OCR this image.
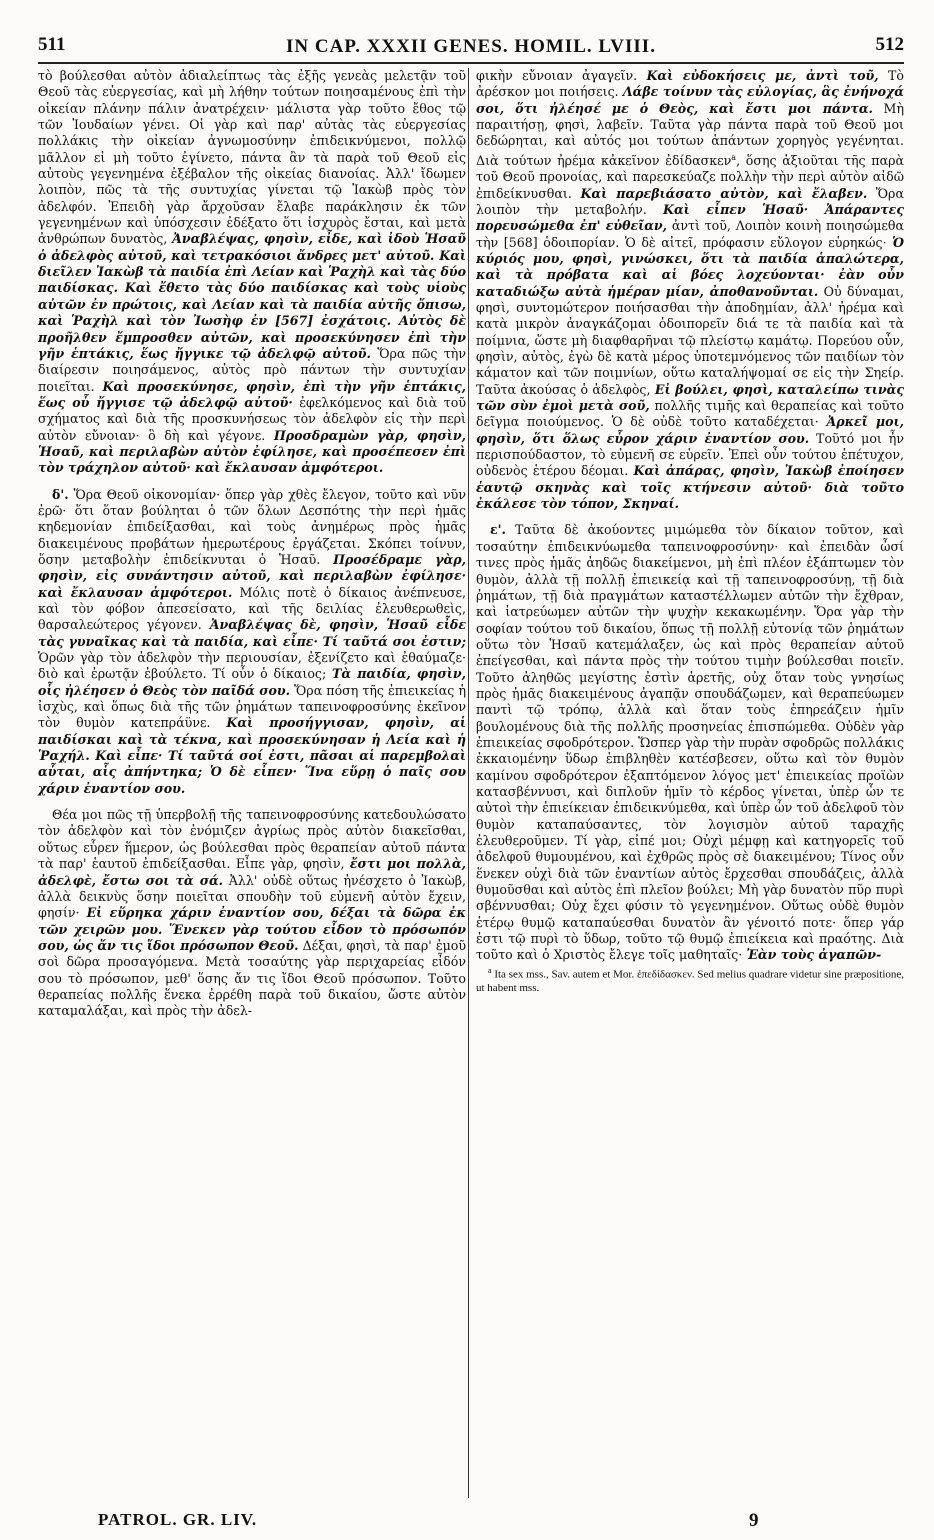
511	IN CAP. XXXII GENES. HOMIL. LVIII.	512

τὸ βούλεσθαι αὐτὸν ἀδιαλείπτως τὰς ἐξῆς γενεὰς μελετᾷν τοῦ Θεοῦ τὰς εὐεργεσίας, καὶ μὴ λήθην τούτων ποιησαμένους ἐπὶ τὴν οἰκείαν πλάνην πάλιν ἀνατρέχειν· μάλιστα γὰρ τοῦτο ἔθος τῷ τῶν Ἰουδαίων γένει. Οἱ γὰρ καὶ παρ' αὐτὰς τὰς εὐεργεσίας πολλάκις τὴν οἰκείαν ἀγνωμοσύνην ἐπιδεικνύμενοι, πολλῷ μᾶλλον εἰ μὴ τοῦτο ἐγίνετο, πάντα ἂν τὰ παρὰ τοῦ Θεοῦ εἰς αὐτοὺς γεγενημένα ἐξέβαλον τῆς οἰκείας διανοίας. Ἀλλ' ἴδωμεν λοιπὸν, πῶς τὰ τῆς συντυχίας γίνεται τῷ Ἰακὼβ πρὸς τὸν ἀδελφόν. Ἐπειδὴ γὰρ ἄρχοῦσαν ἔλαβε παράκλησιν ἐκ τῶν γεγενημένων καὶ ὑπόσχεσιν ἐδέξατο ὅτι ἰσχυρὸς ἔσται, καὶ μετὰ ἀνθρώπων δυνατὸς, Ἀναβλέψας, φησὶν, εἶδε, καὶ ἰδοὺ Ἡσαῦ ὁ ἀδελφὸς αὐτοῦ, καὶ τετρακόσιοι ἄνδρες μετ' αὐτοῦ. Καὶ διεῖλεν Ἰακὼβ τὰ παιδία ἐπὶ Λείαν καὶ Ῥαχὴλ καὶ τὰς δύο παιδίσκας. Καὶ ἔθετο τὰς δύο παιδίσκας καὶ τοὺς υἱοὺς αὐτῶν ἐν πρώτοις, καὶ Λείαν καὶ τὰ παιδία αὐτῆς ὄπισω, καὶ Ῥαχὴλ καὶ τὸν Ἰωσὴφ ἐν [567] ἐσχάτοις. Αὐτὸς δὲ προῆλθεν ἔμπροσθεν αὐτῶν, καὶ προσεκύνησεν ἐπὶ τὴν γῆν ἑπτάκις, ἕως ἤγγικε τῷ ἀδελφῷ αὐτοῦ. Ὅρα πῶς τὴν διαίρεσιν ποιησάμενος, αὐτὸς πρὸ πάντων τὴν συντυχίαν ποιεῖται. Καὶ προσεκύνησε, φησὶν, ἐπὶ τὴν γῆν ἑπτάκις, ἕως οὗ ἤγγισε τῷ ἀδελφῷ αὐτοῦ· ἐφελκόμενος καὶ διὰ τοῦ σχήματος καὶ διὰ τῆς προσκυνήσεως τὸν ἀδελφὸν εἰς τὴν περὶ αὐτὸν εὔνοιαν· ὃ δὴ καὶ γέγονε. Προσδραμὼν γὰρ, φησὶν, Ἡσαῦ, καὶ περιλαβὼν αὐτὸν ἐφίλησε, καὶ προσέπεσεν ἐπὶ τὸν τράχηλον αὐτοῦ· καὶ ἔκλαυσαν ἀμφότεροι.

δ'. Ὅρα Θεοῦ οἰκονομίαν· ὅπερ γὰρ χθὲς ἔλεγον, τοῦτο καὶ νῦν ἐρῶ· ὅτι ὅταν βούληται ὁ τῶν ὅλων Δεσπότης τὴν περὶ ἡμᾶς κηδεμονίαν ἐπιδείξασθαι, καὶ τοὺς ἀνημέρως πρὸς ἡμᾶς διακειμένους προβάτων ἡμερωτέρους ἐργάζεται. Σκόπει τοίνυν, ὅσην μεταβολὴν ἐπιδείκνυται ὁ Ἡσαῦ. Προσέδραμε γὰρ, φησὶν, εἰς συνάντησιν αὐτοῦ, καὶ περιλαβὼν ἐφίλησε· καὶ ἔκλαυσαν ἀμφότεροι. Μόλις ποτὲ ὁ δίκαιος ἀνέπνευσε, καὶ τὸν φόβον ἀπεσείσατο, καὶ τῆς δειλίας ἐλευθερωθεὶς, θαρσαλεώτερος γέγονεν. Ἀναβλέψας δὲ, φησὶν, Ἡσαῦ εἶδε τὰς γυναῖκας καὶ τὰ παιδία, καὶ εἶπε· Τί ταῦτά σοι ἐστιν; Ὁρῶν γὰρ τὸν ἀδελφὸν τὴν περιουσίαν, ἐξενίζετο καὶ ἐθαύμαζε· διὸ καὶ ἐρωτᾷν ἐβούλετο. Τί οὖν ὁ δίκαιος; Τὰ παιδία, φησὶν, οἷς ἠλέησεν ὁ Θεὸς τὸν παῖδά σου. Ὅρα πόση τῆς ἐπιεικείας ἡ ἰσχὺς, καὶ ὅπως διὰ τῆς τῶν ῥημάτων ταπεινοφροσύνης ἐκεῖνον τὸν θυμὸν κατεπράϋνε. Καὶ προσήγγισαν, φησὶν, αἱ παιδίσκαι καὶ τὰ τέκνα, καὶ προσεκύνησαν ἡ Λεία καὶ ἡ Ῥαχήλ. Καὶ εἶπε· Τί ταῦτά σοί ἐστι, πᾶσαι αἱ παρεμβολαὶ αὗται, αἷς ἀπήντηκα; Ὁ δὲ εἶπεν· Ἵνα εὕρῃ ὁ παῖς σου χάριν ἐναντίον σου.

Θέα μοι πῶς τῇ ὑπερβολῇ τῆς ταπεινοφροσύνης κατεδουλώσατο τὸν ἀδελφὸν καὶ τὸν ἐνόμιζεν ἀγρίως πρὸς αὐτὸν διακεῖσθαι, οὕτως εὗρεν ἥμερον, ὡς βούλεσθαι πρὸς θεραπείαν αὐτοῦ πάντα τὰ παρ' ἑαυτοῦ ἐπιδείξασθαι. Εἶπε γὰρ, φησὶν, ἔστι μοι πολλὰ, ἀδελφὲ, ἔστω σοι τὰ σά. Ἀλλ' οὐδὲ οὕτως ἠνέσχετο ὁ Ἰακὼβ, ἀλλὰ δεικνὺς ὅσην ποιεῖται σπουδὴν τοῦ εὐμενῆ αὐτὸν ἔχειν, φησίν· Εἰ εὕρηκα χάριν ἐναντίον σου, δέξαι τὰ δῶρα ἐκ τῶν χειρῶν μου. Ἕνεκεν γὰρ τούτου εἶδον τὸ πρόσωπόν σου, ὡς ἄν τις ἴδοι πρόσωπον Θεοῦ. Δέξαι, φησὶ, τὰ παρ' ἐμοῦ σοὶ δῶρα προσαγόμενα. Μετὰ τοσαύτης γὰρ περιχαρείας εἶδόν σου τὸ πρόσωπον, μεθ' ὅσης ἄν τις ἴδοι Θεοῦ πρόσωπον. Τοῦτο θεραπείας πολλῆς ἕνεκα ἐρρέθη παρὰ τοῦ δικαίου, ὥστε αὐτὸν καταμαλάξαι, καὶ πρὸς τὴν ἀδελ-

φικὴν εὔνοιαν ἀγαγεῖν. Καὶ εὐδοκήσεις με, ἀντὶ τοῦ, Τὸ ἀρέσκον μοι ποιήσεις. Λάβε τοίνυν τὰς εὐλογίας, ἃς ἐνήνοχά σοι, ὅτι ἠλέησέ με ὁ Θεὸς, καὶ ἔστι μοι πάντα. Μὴ παραιτήσῃ, φησὶ, λαβεῖν. Ταῦτα γὰρ πάντα παρὰ τοῦ Θεοῦ μοι δεδώρηται, καὶ αὐτός μοι τούτων ἁπάντων χορηγὸς γεγένηται. Διὰ τούτων ἠρέμα κἀκεῖνον ἐδίδασκεν$^a$, ὅσης ἀξιοῦται τῆς παρὰ τοῦ Θεοῦ προνοίας, καὶ παρεσκεύαζε πολλὴν τὴν περὶ αὐτὸν αἰδῶ ἐπιδείκνυσθαι. Καὶ παρεβιάσατο αὐτὸν, καὶ ἔλαβεν. Ὅρα λοιπὸν τὴν μεταβολήν. Καὶ εἶπεν Ἡσαῦ· Ἀπάραντες πορευσώμεθα ἐπ' εὐθεῖαν, ἀντὶ τοῦ, Λοιπὸν κοινὴ ποιησώμεθα τὴν [568] ὁδοιπορίαν. Ὁ δὲ αἰτεῖ, πρόφασιν εὔλογον εὑρηκώς· Ὁ κύριός μου, φησὶ, γινώσκει, ὅτι τὰ παιδία ἁπαλώτερα, καὶ τὰ πρόβατα καὶ αἱ βόες λοχεύονται· ἐὰν οὖν καταδιώξω αὐτὰ ἡμέραν μίαν, ἀποθανοῦνται. Οὐ δύναμαι, φησὶ, συντομώτερον ποιήσασθαι τὴν ἀποδημίαν, ἀλλ' ἠρέμα καὶ κατὰ μικρὸν ἀναγκάζομαι ὁδοιπορεῖν διά τε τὰ παιδία καὶ τὰ ποίμνια, ὥστε μὴ διαφθαρῆναι τῷ πλείστῳ καμάτῳ. Πορεύου οὖν, φησὶν, αὐτὸς, ἐγὼ δὲ κατὰ μέρος ὑποτεμνόμενος τῶν παιδίων τὸν κάματον καὶ τῶν ποιμνίων, οὕτω καταλήψομαί σε εἰς τὴν Σηείρ. Ταῦτα ἀκούσας ὁ ἀδελφὸς, Εἰ βούλει, φησὶ, καταλείπω τινὰς τῶν σὺν ἐμοὶ μετὰ σοῦ, πολλῆς τιμῆς καὶ θεραπείας καὶ τοῦτο δεῖγμα ποιούμενος. Ὁ δὲ οὐδὲ τοῦτο καταδέχεται· Ἀρκεῖ μοι, φησὶν, ὅτι ὅλως εὗρον χάριν ἐναντίον σου. Τοῦτό μοι ἦν περισπούδαστον, τὸ εὐμενῆ σε εὑρεῖν. Ἐπεὶ οὖν τούτου ἐπέτυχον, οὐδενὸς ἑτέρου δέομαι. Καὶ ἀπάρας, φησὶν, Ἰακὼβ ἐποίησεν ἑαυτῷ σκηνὰς καὶ τοῖς κτήνεσιν αὐτοῦ· διὰ τοῦτο ἐκάλεσε τὸν τόπον, Σκηναί.

ε'. Ταῦτα δὲ ἀκούοντες μιμώμεθα τὸν δίκαιον τοῦτον, καὶ τοσαύτην ἐπιδεικνύωμεθα ταπεινοφροσύνην· καὶ ἐπειδὰν ὦσί τινες πρὸς ἡμᾶς ἀηδῶς διακείμενοι, μὴ ἐπὶ πλέον ἐξάπτωμεν τὸν θυμὸν, ἀλλὰ τῇ πολλῇ ἐπιεικείᾳ καὶ τῇ ταπεινοφροσύνῃ, τῇ διὰ ῥημάτων, τῇ διὰ πραγμάτων καταστέλλωμεν αὐτῶν τὴν ἔχθραν, καὶ ἰατρεύωμεν αὐτῶν τὴν ψυχὴν κεκακωμένην. Ὅρα γὰρ τὴν σοφίαν τούτου τοῦ δικαίου, ὅπως τῇ πολλῇ εὐτονίᾳ τῶν ῥημάτων οὕτω τὸν Ἡσαῦ κατεμάλαξεν, ὡς καὶ πρὸς θεραπείαν αὐτοῦ ἐπείγεσθαι, καὶ πάντα πρὸς τὴν τούτου τιμὴν βούλεσθαι ποιεῖν. Τοῦτο ἀληθῶς μεγίστης ἐστὶν ἀρετῆς, οὐχ ὅταν τοὺς γνησίως πρὸς ἡμᾶς διακειμένους ἀγαπᾷν σπουδάζωμεν, καὶ θεραπεύωμεν παντὶ τῷ τρόπῳ, ἀλλὰ καὶ ὅταν τοὺς ἐπηρεάζειν ἡμῖν βουλομένους διὰ τῆς πολλῆς προσηνείας ἐπισπώμεθα. Οὐδὲν γὰρ ἐπιεικείας σφοδρότερον. Ὥσπερ γὰρ τὴν πυρὰν σφοδρῶς πολλάκις ἐκκαιομένην ὕδωρ ἐπιβληθὲν κατέσβεσεν, οὕτω καὶ τὸν θυμὸν καμίνου σφοδρότερον ἐξαπτόμενον λόγος μετ' ἐπιεικείας προϊὼν κατασβέννυσι, καὶ διπλοῦν ἡμῖν τὸ κέρδος γίνεται, ὑπὲρ ὧν τε αὐτοὶ τὴν ἐπιείκειαν ἐπιδεικνύμεθα, καὶ ὑπὲρ ὧν τοῦ ἀδελφοῦ τὸν θυμὸν καταπαύσαντες, τὸν λογισμὸν αὐτοῦ ταραχῆς ἐλευθεροῦμεν. Τί γὰρ, εἰπέ μοι; Οὐχὶ μέμφῃ καὶ κατηγορεῖς τοῦ ἀδελφοῦ θυμουμένου, καὶ ἐχθρῶς πρὸς σὲ διακειμένου; Τίνος οὖν ἕνεκεν οὐχὶ διὰ τῶν ἐναντίων αὐτὸς ἔρχεσθαι σπουδάζεις, ἀλλὰ θυμοῦσθαι καὶ αὐτὸς ἐπὶ πλεῖον βούλει; Μὴ γὰρ δυνατὸν πῦρ πυρὶ σβέννυσθαι; Οὐχ ἔχει φύσιν τὸ γεγενημένον. Οὕτως οὐδὲ θυμὸν ἑτέρῳ θυμῷ καταπαύεσθαι δυνατὸν ἂν γένοιτό ποτε· ὅπερ γάρ ἐστι τῷ πυρὶ τὸ ὕδωρ, τοῦτο τῷ θυμῷ ἐπιείκεια καὶ πραότης. Διὰ τοῦτο καὶ ὁ Χριστὸς ἔλεγε τοῖς μαθηταῖς· Ἐὰν τοὺς ἀγαπῶν-

$^a$ Ita sex mss., Sav. autem et Mor. ἐπεδίδασκεν. Sed melius quadrare videtur sine præpositione, ut habent mss.

PATROL. GR. LIV.	9
